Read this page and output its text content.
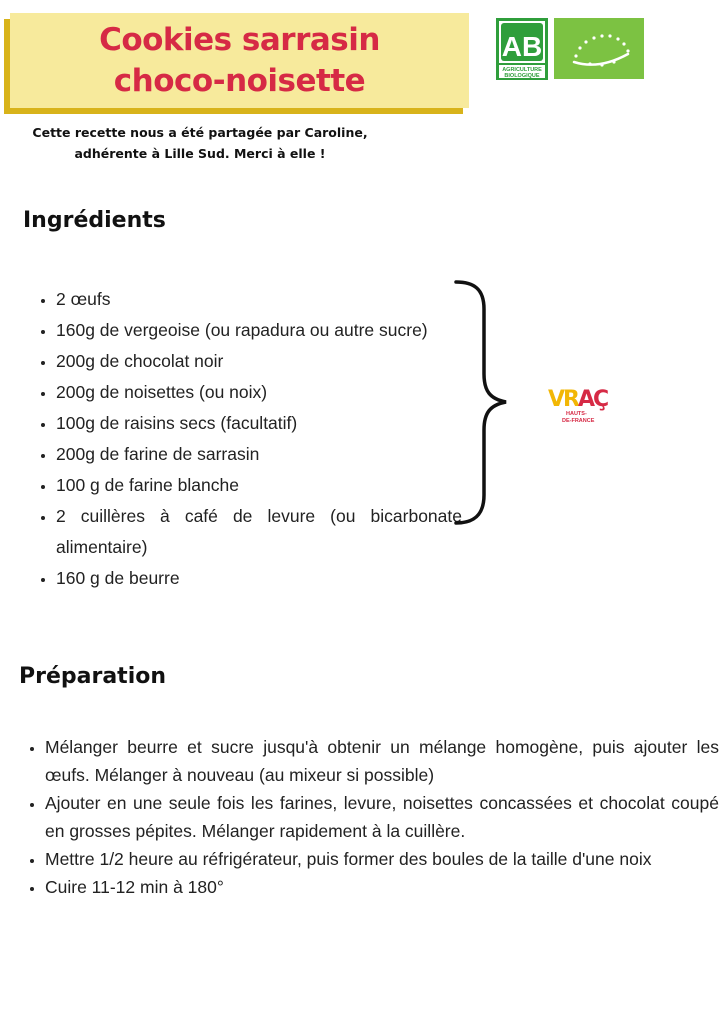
Cookies sarrasin
choco-noisette
Cette recette nous a été partagée par Caroline,
adhérente à Lille Sud. Merci à elle !
AB
AGRICULTURE
BIOLOGIQUE
Ingrédients
• 2 œufs
• 160g de vergeoise (ou rapadura ou autre sucre)
• 200g de chocolat noir
• 200g de noisettes (ou noix)
• 100g de raisins secs (facultatif)
• 200g de farine de sarrasin
• 100 g de farine blanche
• 2 cuillères à café de levure (ou bicarbonate alimentaire)
• 160 g de beurre
VRAÇ
HAUTS-
DE-FRANCE
Préparation
• Mélanger beurre et sucre jusqu'à obtenir un mélange homogène, puis ajouter les œufs. Mélanger à nouveau (au mixeur si possible)
• Ajouter en une seule fois les farines, levure, noisettes concassées et chocolat coupé en grosses pépites. Mélanger rapidement à la cuillère.
• Mettre 1/2 heure au réfrigérateur, puis former des boules de la taille d'une noix
• Cuire 11-12 min à 180°
